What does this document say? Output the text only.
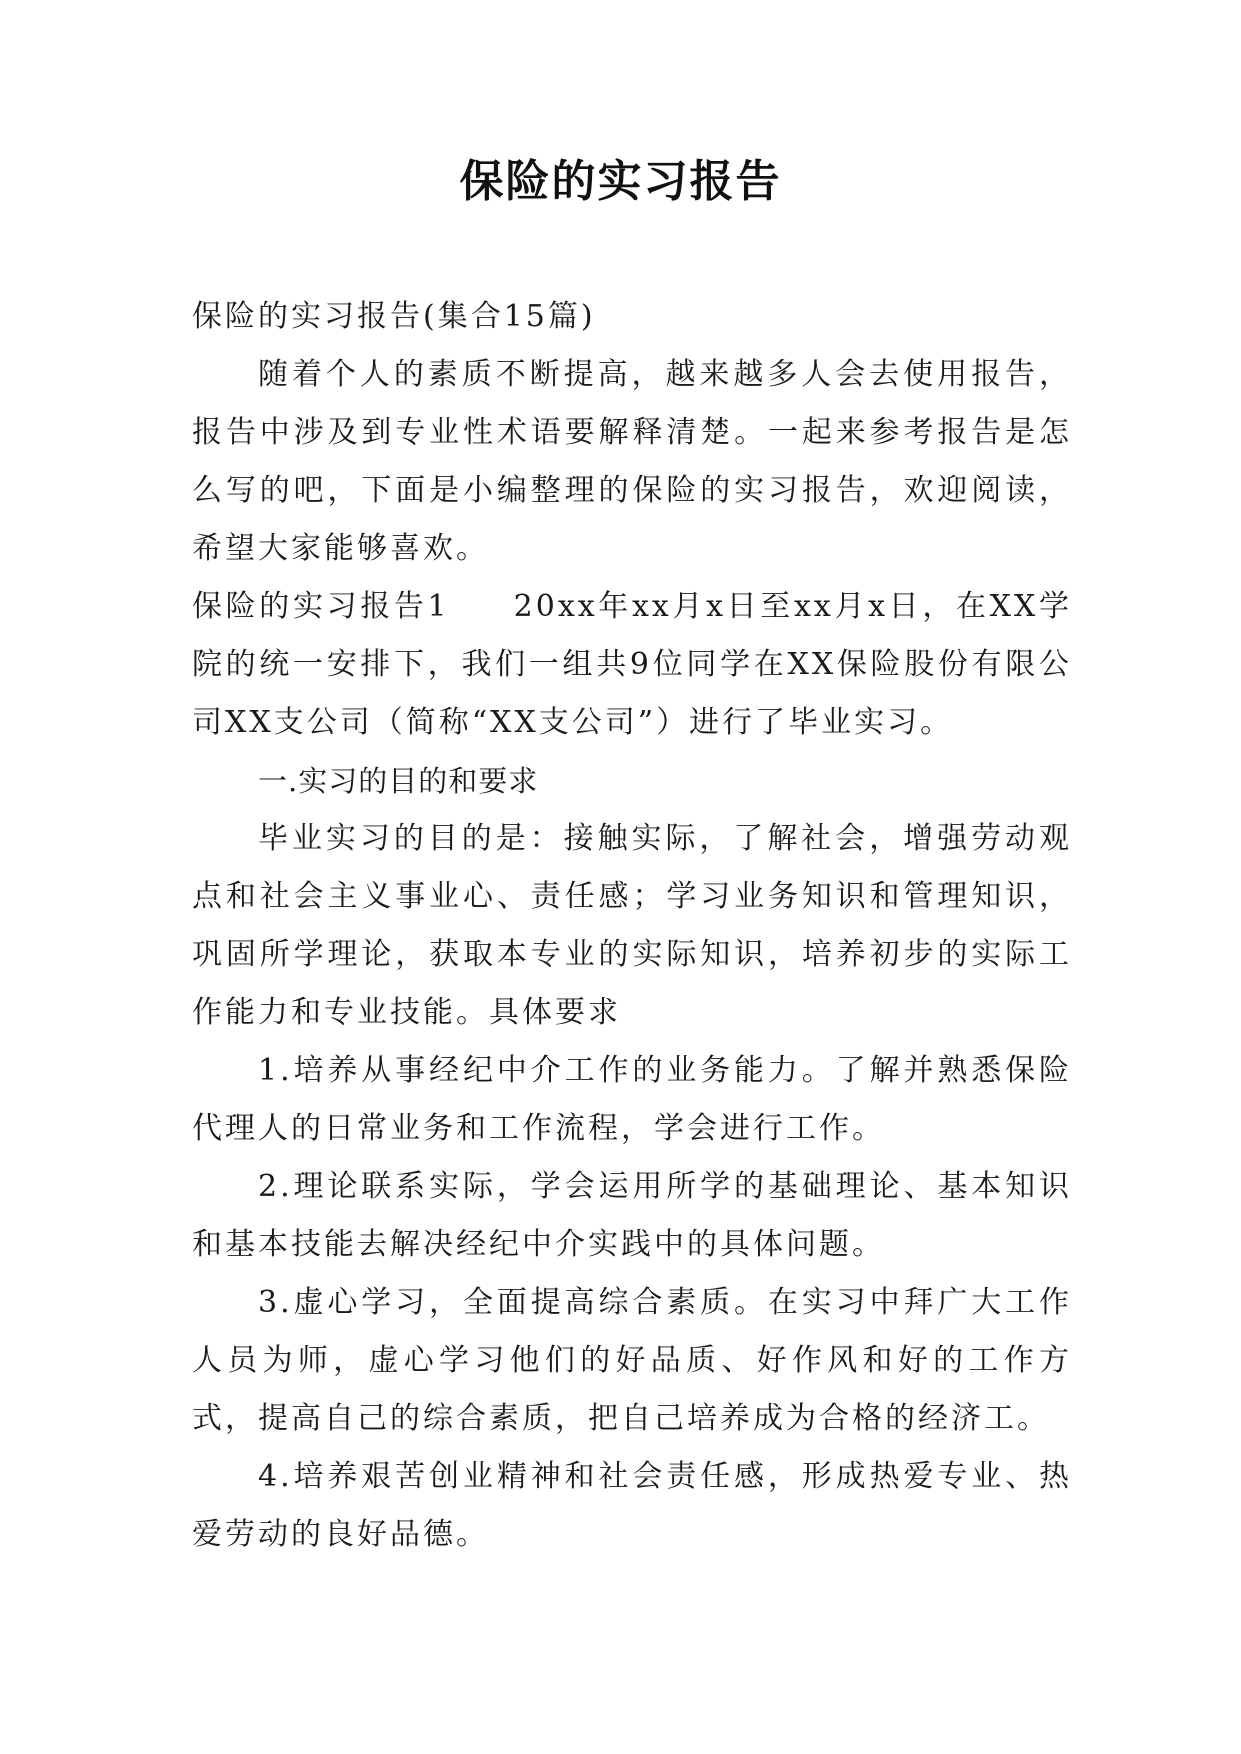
保险的实习报告

保险的实习报告(集合15篇)

随着个人的素质不断提高，越来越多人会去使用报告，报告中涉及到专业性术语要解释清楚。一起来参考报告是怎么写的吧，下面是小编整理的保险的实习报告，欢迎阅读，希望大家能够喜欢。

保险的实习报告1 20xx年xx月x日至xx月x日，在XX学院的统一安排下，我们一组共9位同学在XX保险股份有限公司XX支公司（简称“XX支公司”）进行了毕业实习。

一.实习的目的和要求

毕业实习的目的是：接触实际，了解社会，增强劳动观点和社会主义事业心、责任感；学习业务知识和管理知识，巩固所学理论，获取本专业的实际知识，培养初步的实际工作能力和专业技能。具体要求

1.培养从事经纪中介工作的业务能力。了解并熟悉保险代理人的日常业务和工作流程，学会进行工作。

2.理论联系实际，学会运用所学的基础理论、基本知识和基本技能去解决经纪中介实践中的具体问题。

3.虚心学习，全面提高综合素质。在实习中拜广大工作人员为师，虚心学习他们的好品质、好作风和好的工作方式，提高自己的综合素质，把自己培养成为合格的经济工。

4.培养艰苦创业精神和社会责任感，形成热爱专业、热爱劳动的良好品德。
